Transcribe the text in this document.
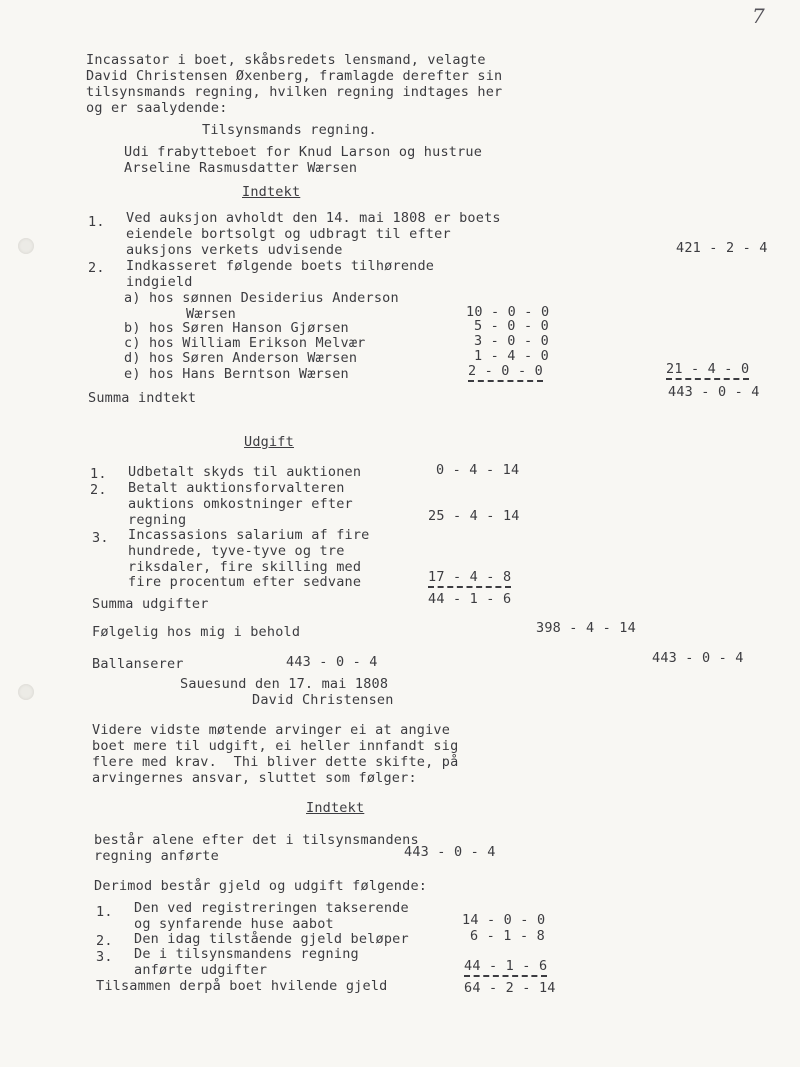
7
Incassator i boet, skåbsredets lensmand, velagte
David Christensen Øxenberg, framlagde derefter sin
tilsynsmands regning, hvilken regning indtages her
og er saalydende:
Tilsynsmands regning.
Udi frabytteboet for Knud Larson og hustrue
Arseline Rasmusdatter Wærsen
Indtekt
1. Ved auksjon avholdt den 14. mai 1808 er boets
eiendele bortsolgt og udbragt til efter
auksjons verkets udvisende	421 - 2 - 4
2. Indkasseret følgende boets tilhørende
indgield
a) hos sønnen Desiderius Anderson
Wærsen	10 - 0 - 0
b) hos Søren Hanson Gjørsen	5 - 0 - 0
c) hos William Erikson Melvær	3 - 0 - 0
d) hos Søren Anderson Wærsen	1 - 4 - 0
e) hos Hans Berntson Wærsen	2 - 0 - 0	21 - 4 - 0
Summa indtekt	443 - 0 - 4
Udgift
1. Udbetalt skyds til auktionen	0 - 4 - 14
2. Betalt auktionsforvalteren
auktions omkostninger efter
regning	25 - 4 - 14
3. Incassasions salarium af fire
hundrede, tyve-tyve og tre
riksdaler, fire skilling med
fire procentum efter sedvane	17 - 4 - 8
Summa udgifter	44 - 1 - 6
Følgelig hos mig i behold	398 - 4 - 14
Ballanserer	443 - 0 - 4	443 - 0 - 4
Sauesund den 17. mai 1808
David Christensen
Videre vidste møtende arvinger ei at angive
boet mere til udgift, ei heller innfandt sig
flere med krav.  Thi bliver dette skifte, på
arvingernes ansvar, sluttet som følger:
Indtekt
består alene efter det i tilsynsmandens
regning anførte	443 - 0 - 4
Derimod består gjeld og udgift følgende:
1. Den ved registreringen takserende
og synfarende huse aabot	14 - 0 - 0
2. Den idag tilstående gjeld beløper	6 - 1 - 8
3. De i tilsynsmandens regning
anførte udgifter	44 - 1 - 6
Tilsammen derpå boet hvilende gjeld	64 - 2 - 14
